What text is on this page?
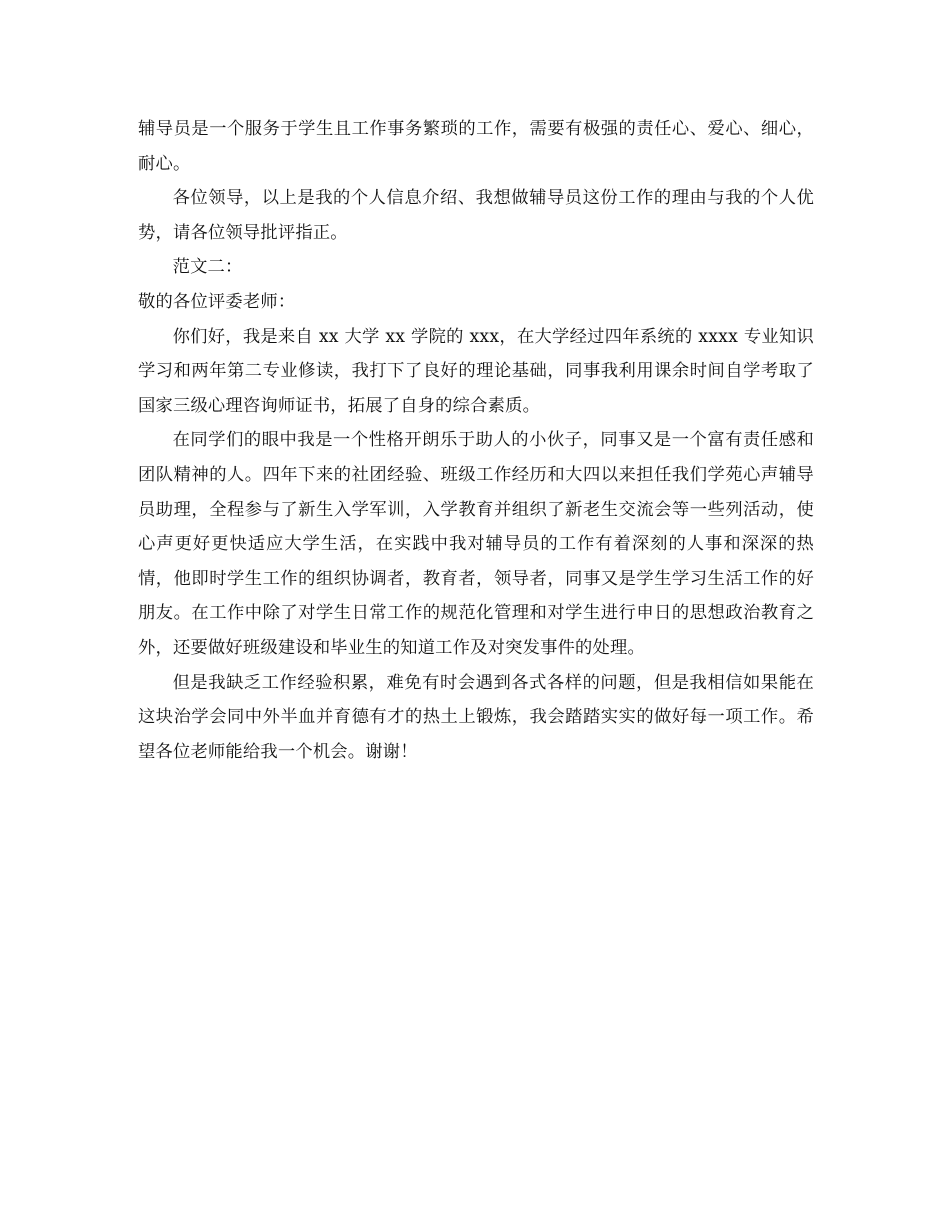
辅导员是一个服务于学生且工作事务繁琐的工作，需要有极强的责任心、爱心、细心，耐心。

各位领导，以上是我的个人信息介绍、我想做辅导员这份工作的理由与我的个人优势，请各位领导批评指正。

范文二：

敬的各位评委老师：

你们好，我是来自 xx 大学 xx 学院的 xxx，在大学经过四年系统的 xxxx 专业知识学习和两年第二专业修读，我打下了良好的理论基础，同事我利用课余时间自学考取了国家三级心理咨询师证书，拓展了自身的综合素质。

在同学们的眼中我是一个性格开朗乐于助人的小伙子，同事又是一个富有责任感和团队精神的人。四年下来的社团经验、班级工作经历和大四以来担任我们学苑心声辅导员助理，全程参与了新生入学军训，入学教育并组织了新老生交流会等一些列活动，使心声更好更快适应大学生活，在实践中我对辅导员的工作有着深刻的人事和深深的热情，他即时学生工作的组织协调者，教育者，领导者，同事又是学生学习生活工作的好朋友。在工作中除了对学生日常工作的规范化管理和对学生进行申日的思想政治教育之外，还要做好班级建设和毕业生的知道工作及对突发事件的处理。

但是我缺乏工作经验积累，难免有时会遇到各式各样的问题，但是我相信如果能在这块治学会同中外半血并育德有才的热土上锻炼，我会踏踏实实的做好每一项工作。希望各位老师能给我一个机会。谢谢！
